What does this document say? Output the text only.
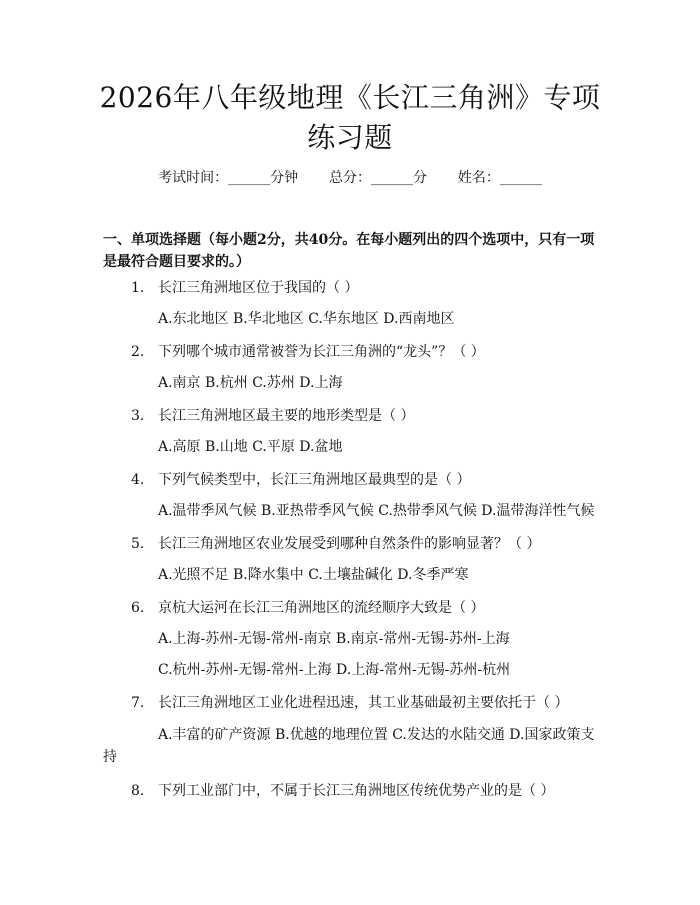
2026年八年级地理《长江三角洲》专项练习题
考试时间：______分钟 总分：______分 姓名：______
一、单项选择题（每小题2分，共40分。在每小题列出的四个选项中，只有一项是最符合题目要求的。）
1. 长江三角洲地区位于我国的（ ）
A.东北地区 B.华北地区 C.华东地区 D.西南地区
2. 下列哪个城市通常被誉为长江三角洲的“龙头”？（ ）
A.南京 B.杭州 C.苏州 D.上海
3. 长江三角洲地区最主要的地形类型是（ ）
A.高原 B.山地 C.平原 D.盆地
4. 下列气候类型中，长江三角洲地区最典型的是（ ）
A.温带季风气候 B.亚热带季风气候 C.热带季风气候 D.温带海洋性气候
5. 长江三角洲地区农业发展受到哪种自然条件的影响显著？（ ）
A.光照不足 B.降水集中 C.土壤盐碱化 D.冬季严寒
6. 京杭大运河在长江三角洲地区的流经顺序大致是（ ）
A.上海-苏州-无锡-常州-南京 B.南京-常州-无锡-苏州-上海
C.杭州-苏州-无锡-常州-上海 D.上海-常州-无锡-苏州-杭州
7. 长江三角洲地区工业化进程迅速，其工业基础最初主要依托于（ ）
A.丰富的矿产资源 B.优越的地理位置 C.发达的水陆交通 D.国家政策支持
8. 下列工业部门中，不属于长江三角洲地区传统优势产业的是（ ）
